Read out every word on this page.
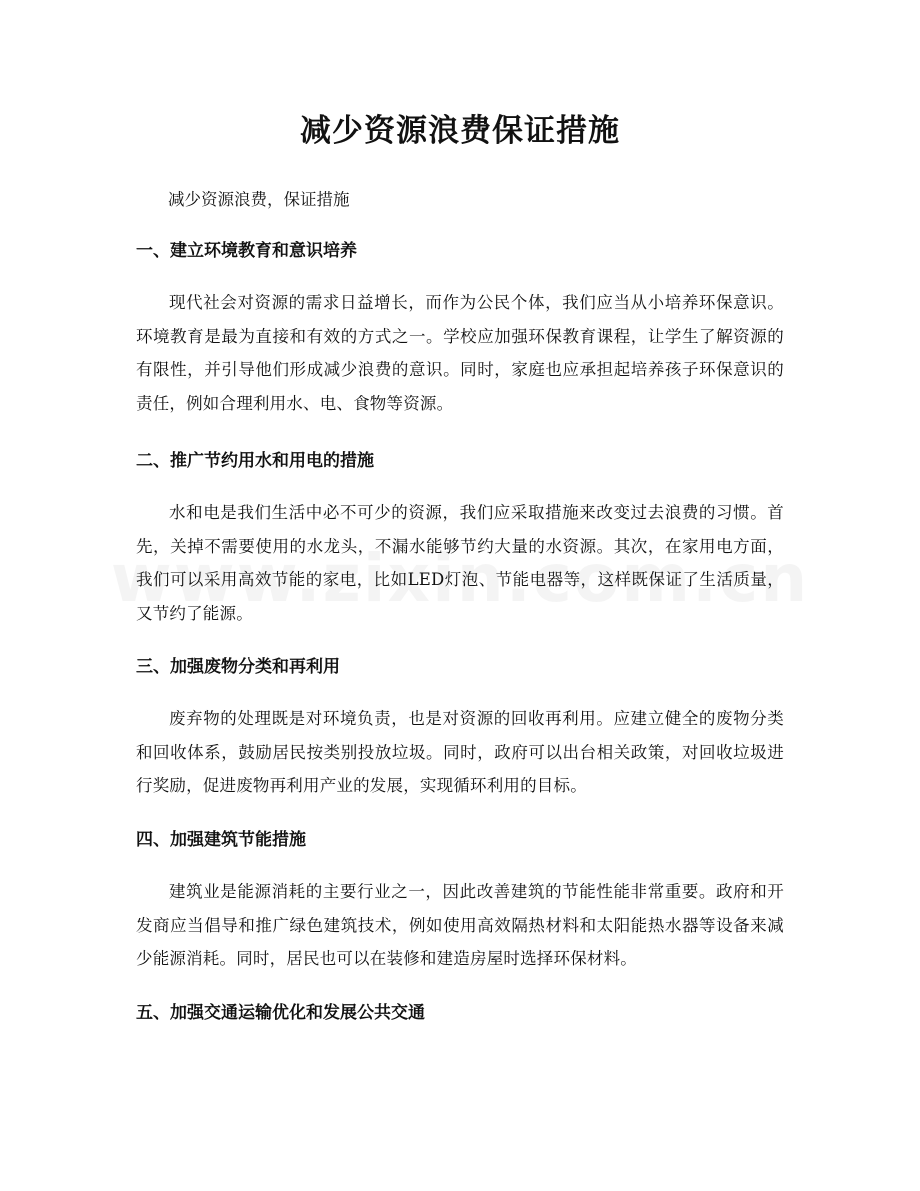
减少资源浪费保证措施

减少资源浪费，保证措施

一、建立环境教育和意识培养

现代社会对资源的需求日益增长，而作为公民个体，我们应当从小培养环保意识。环境教育是最为直接和有效的方式之一。学校应加强环保教育课程，让学生了解资源的有限性，并引导他们形成减少浪费的意识。同时，家庭也应承担起培养孩子环保意识的责任，例如合理利用水、电、食物等资源。

二、推广节约用水和用电的措施

水和电是我们生活中必不可少的资源，我们应采取措施来改变过去浪费的习惯。首先，关掉不需要使用的水龙头，不漏水能够节约大量的水资源。其次，在家用电方面，我们可以采用高效节能的家电，比如LED灯泡、节能电器等，这样既保证了生活质量，又节约了能源。

三、加强废物分类和再利用

废弃物的处理既是对环境负责，也是对资源的回收再利用。应建立健全的废物分类和回收体系，鼓励居民按类别投放垃圾。同时，政府可以出台相关政策，对回收垃圾进行奖励，促进废物再利用产业的发展，实现循环利用的目标。

四、加强建筑节能措施

建筑业是能源消耗的主要行业之一，因此改善建筑的节能性能非常重要。政府和开发商应当倡导和推广绿色建筑技术，例如使用高效隔热材料和太阳能热水器等设备来减少能源消耗。同时，居民也可以在装修和建造房屋时选择环保材料。

五、加强交通运输优化和发展公共交通
